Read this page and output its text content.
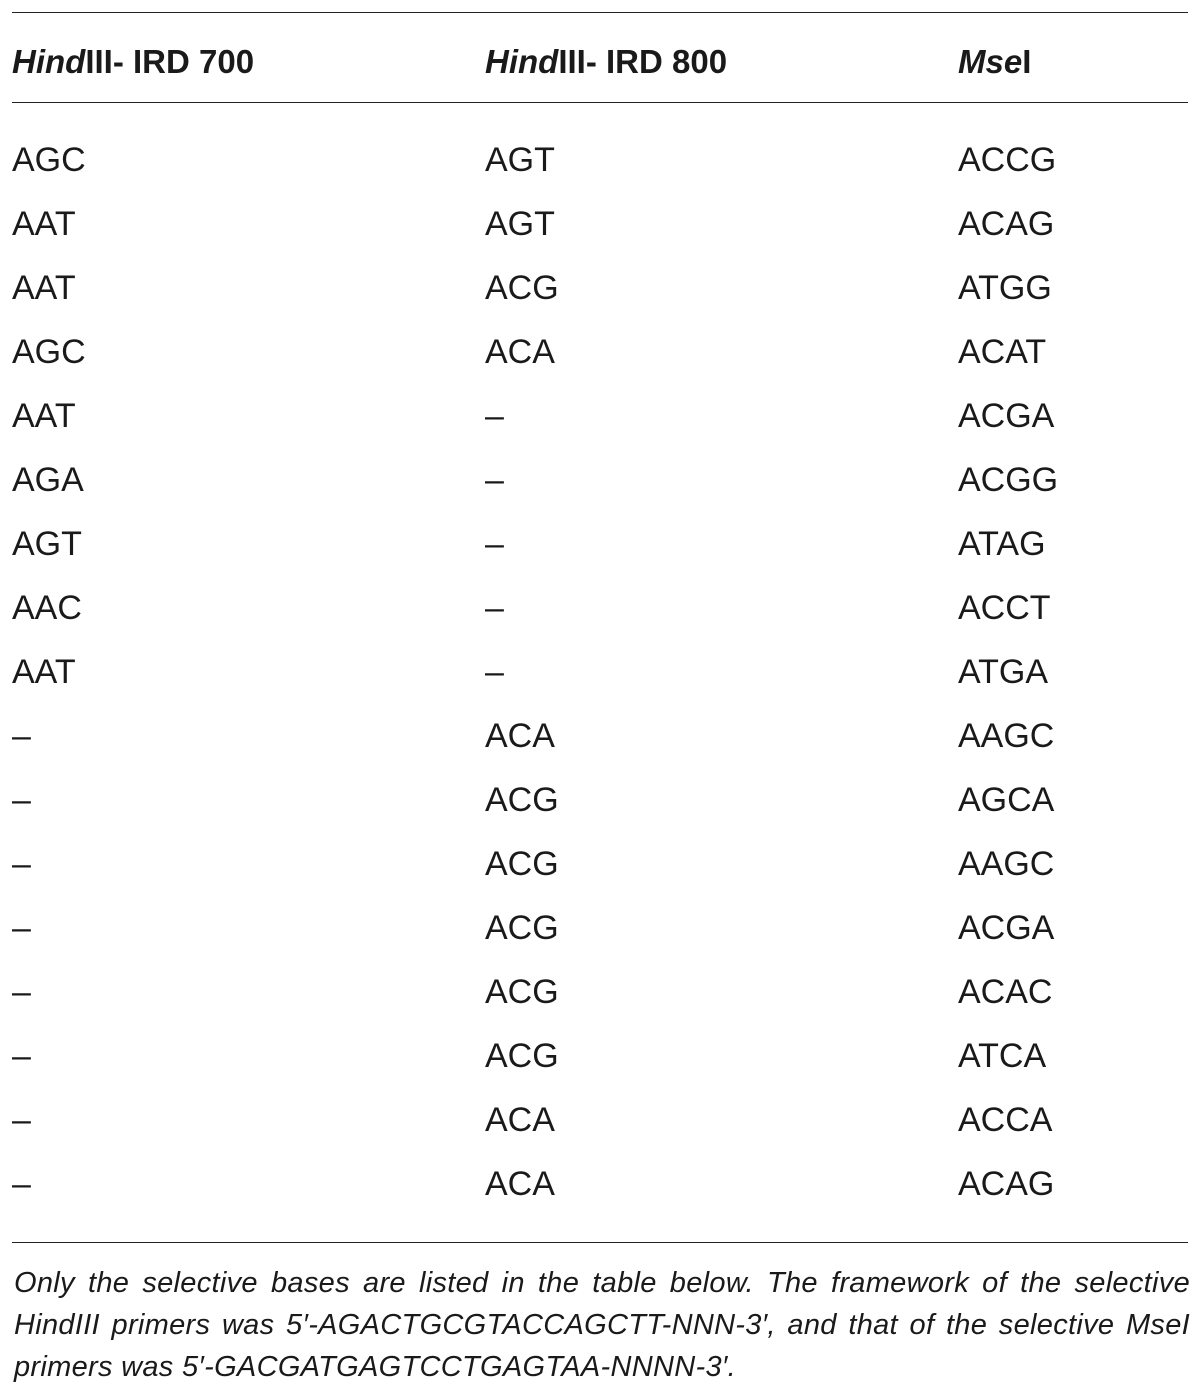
HindIII- IRD 700	HindIII- IRD 800	MseI
AGC	AGT	ACCG
AAT	AGT	ACAG
AAT	ACG	ATGG
AGC	ACA	ACAT
AAT	–	ACGA
AGA	–	ACGG
AGT	–	ATAG
AAC	–	ACCT
AAT	–	ATGA
–	ACA	AAGC
–	ACG	AGCA
–	ACG	AAGC
–	ACG	ACGA
–	ACG	ACAC
–	ACG	ATCA
–	ACA	ACCA
–	ACA	ACAG
Only the selective bases are listed in the table below. The framework of the selective HindIII primers was 5′-AGACTGCGTACCAGCTT-NNN-3′, and that of the selective MseI primers was 5′-GACGATGAGTCCTGAGTAA-NNNN-3′.
